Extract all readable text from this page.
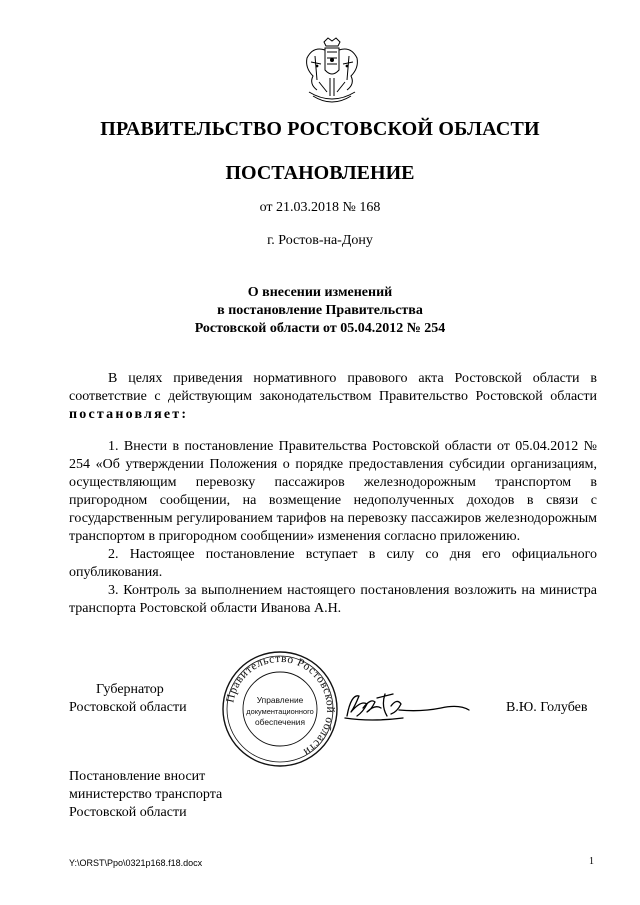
ПРАВИТЕЛЬСТВО РОСТОВСКОЙ ОБЛАСТИ
ПОСТАНОВЛЕНИЕ
от 21.03.2018 № 168
г. Ростов-на-Дону
О внесении изменений
в постановление Правительства
Ростовской области от 05.04.2012 № 254

В целях приведения нормативного правового акта Ростовской области в соответствие с действующим законодательством Правительство Ростовской области постановляет:

1. Внести в постановление Правительства Ростовской области от 05.04.2012 № 254 «Об утверждении Положения о порядке предоставления субсидии организациям, осуществляющим перевозку пассажиров железнодорожным транспортом в пригородном сообщении, на возмещение недополученных доходов в связи с государственным регулированием тарифов на перевозку пассажиров железнодорожным транспортом в пригородном сообщении» изменения согласно приложению.

2. Настоящее постановление вступает в силу со дня его официального опубликования.

3. Контроль за выполнением настоящего постановления возложить на министра транспорта Ростовской области Иванова А.Н.

Губернатор
Ростовской области
Правительство Ростовской области
Управление
документационного
обеспечения
В.Ю. Голубев
Постановление вносит
министерство транспорта
Ростовской области
Y:\ORST\Ppo\0321p168.f18.docx	1
